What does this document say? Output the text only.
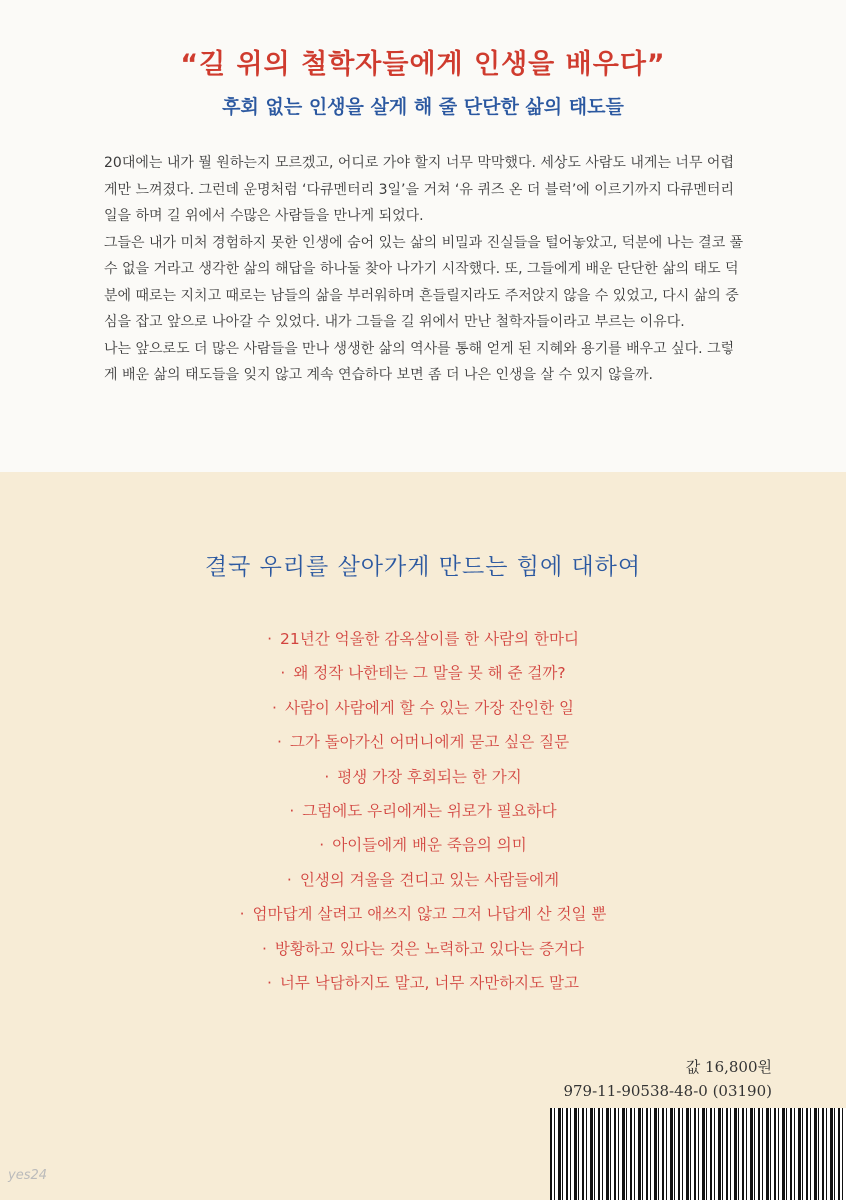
“길 위의 철학자들에게 인생을 배우다”
후회 없는 인생을 살게 해 줄 단단한 삶의 태도들

20대에는 내가 뭘 원하는지 모르겠고, 어디로 가야 할지 너무 막막했다. 세상도 사람도 내게는 너무 어렵게만 느껴졌다. 그런데 운명처럼 ‘다큐멘터리 3일’을 거쳐 ‘유 퀴즈 온 더 블럭’에 이르기까지 다큐멘터리 일을 하며 길 위에서 수많은 사람들을 만나게 되었다.

그들은 내가 미처 경험하지 못한 인생에 숨어 있는 삶의 비밀과 진실들을 털어놓았고, 덕분에 나는 결코 풀 수 없을 거라고 생각한 삶의 해답을 하나둘 찾아 나가기 시작했다. 또, 그들에게 배운 단단한 삶의 태도 덕분에 때로는 지치고 때로는 남들의 삶을 부러워하며 흔들릴지라도 주저앉지 않을 수 있었고, 다시 삶의 중심을 잡고 앞으로 나아갈 수 있었다. 내가 그들을 길 위에서 만난 철학자들이라고 부르는 이유다.

나는 앞으로도 더 많은 사람들을 만나 생생한 삶의 역사를 통해 얻게 된 지혜와 용기를 배우고 싶다. 그렇게 배운 삶의 태도들을 잊지 않고 계속 연습하다 보면 좀 더 나은 인생을 살 수 있지 않을까.

결국 우리를 살아가게 만드는 힘에 대하여
· 21년간 억울한 감옥살이를 한 사람의 한마디
· 왜 정작 나한테는 그 말을 못 해 준 걸까?
· 사람이 사람에게 할 수 있는 가장 잔인한 일
· 그가 돌아가신 어머니에게 묻고 싶은 질문
· 평생 가장 후회되는 한 가지
· 그럼에도 우리에게는 위로가 필요하다
· 아이들에게 배운 죽음의 의미
· 인생의 겨울을 견디고 있는 사람들에게
· 엄마답게 살려고 애쓰지 않고 그저 나답게 산 것일 뿐
· 방황하고 있다는 것은 노력하고 있다는 증거다
· 너무 낙담하지도 말고, 너무 자만하지도 말고
값 16,800원
979-11-90538-48-0 (03190)
yes24
